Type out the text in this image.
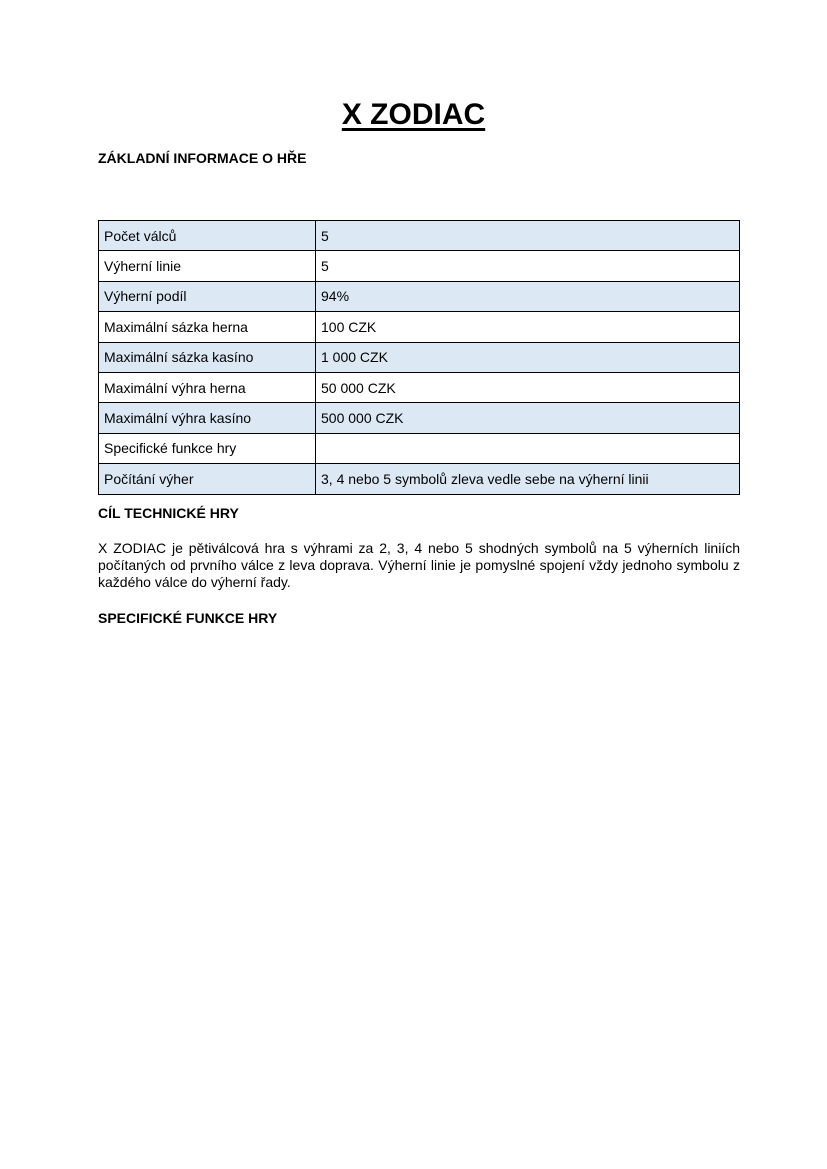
X ZODIAC
ZÁKLADNÍ INFORMACE O HŘE
Počet válců	5
Výherní linie	5
Výherní podíl	94%
Maximální sázka herna	100 CZK
Maximální sázka kasíno	1 000 CZK
Maximální výhra herna	50 000 CZK
Maximální výhra kasíno	500 000 CZK
Specifické funkce hry	
Počítání výher	3, 4 nebo 5 symbolů zleva vedle sebe na výherní linii
CÍL TECHNICKÉ HRY
X ZODIAC je pětiválcová hra s výhrami za 2, 3, 4 nebo 5 shodných symbolů na 5 výherních liniích počítaných od prvního válce z leva doprava. Výherní linie je pomyslné spojení vždy jednoho symbolu z každého válce do výherní řady.
SPECIFICKÉ FUNKCE HRY
